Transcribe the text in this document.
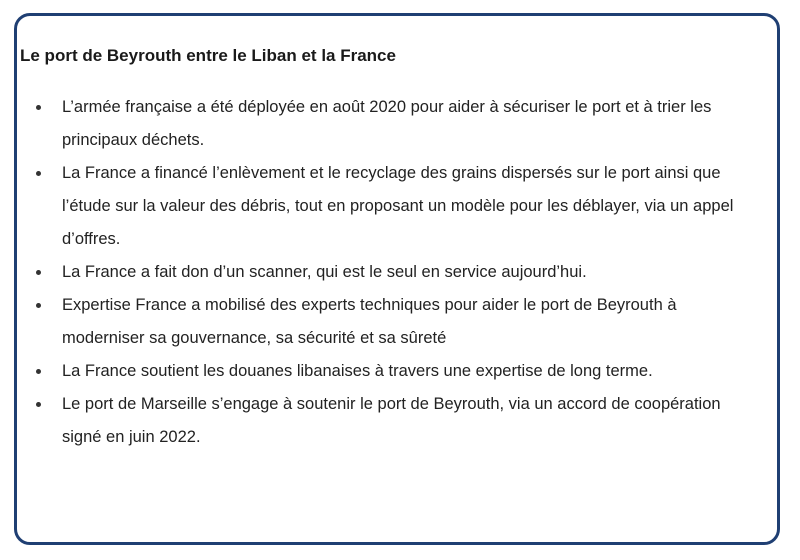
Le port de Beyrouth entre le Liban et la France
L’armée française a été déployée en août 2020 pour aider à sécuriser le port et à trier les principaux déchets.
La France a financé l’enlèvement et le recyclage des grains dispersés sur le port ainsi que l’étude sur la valeur des débris, tout en proposant un modèle pour les déblayer, via un appel d’offres.
La France a fait don d’un scanner, qui est le seul en service aujourd’hui.
Expertise France a mobilisé des experts techniques pour aider le port de Beyrouth à moderniser sa gouvernance, sa sécurité et sa sûreté
La France soutient les douanes libanaises à travers une expertise de long terme.
Le port de Marseille s’engage à soutenir le port de Beyrouth, via un accord de coopération signé en juin 2022.
